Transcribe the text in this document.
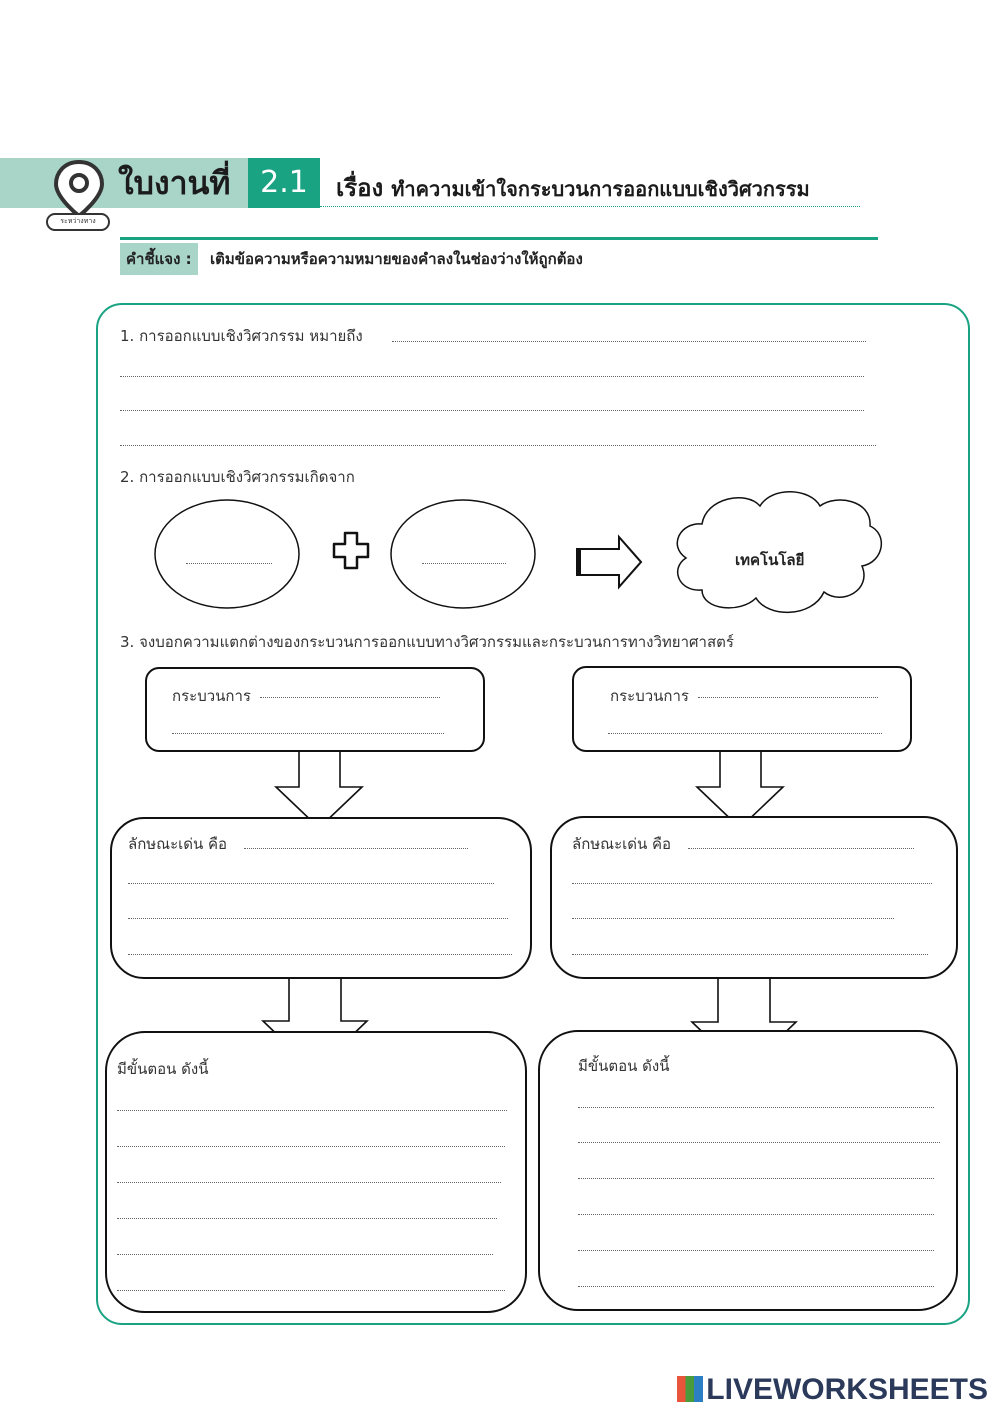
ระหว่างทาง
ใบงานที่ 2.1	เรื่อง ทำความเข้าใจกระบวนการออกแบบเชิงวิศวกรรม
คำชี้แจง :	เติมข้อความหรือความหมายของคำลงในช่องว่างให้ถูกต้อง
1. การออกแบบเชิงวิศวกรรม หมายถึง
2. การออกแบบเชิงวิศวกรรมเกิดจาก
เทคโนโลยี
3. จงบอกความแตกต่างของกระบวนการออกแบบทางวิศวกรรมและกระบวนการทางวิทยาศาสตร์
กระบวนการ	กระบวนการ
ลักษณะเด่น คือ	ลักษณะเด่น คือ
มีขั้นตอน ดังนี้	มีขั้นตอน ดังนี้
LIVEWORKSHEETS
